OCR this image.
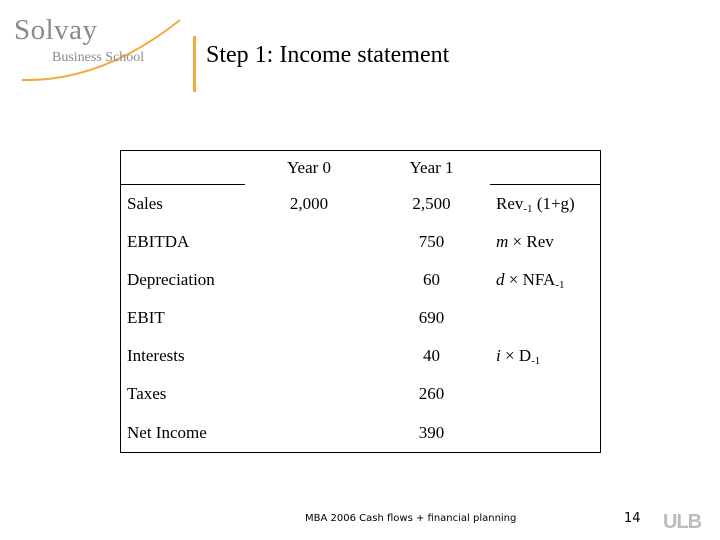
Solvay
Business School	Step 1: Income statement
	Year 0	Year 1	
Sales	2,000	2,500	Rev$_{-1}$ (1+g)
EBITDA		750	m × Rev
Depreciation		60	$d \times NFA_{-1}$
EBIT		690	
Interests		40	$i \times D_{-1}$
Taxes		260	
Net Income		390	
MBA 2006 Cash flows + financial planning	14 ULB
